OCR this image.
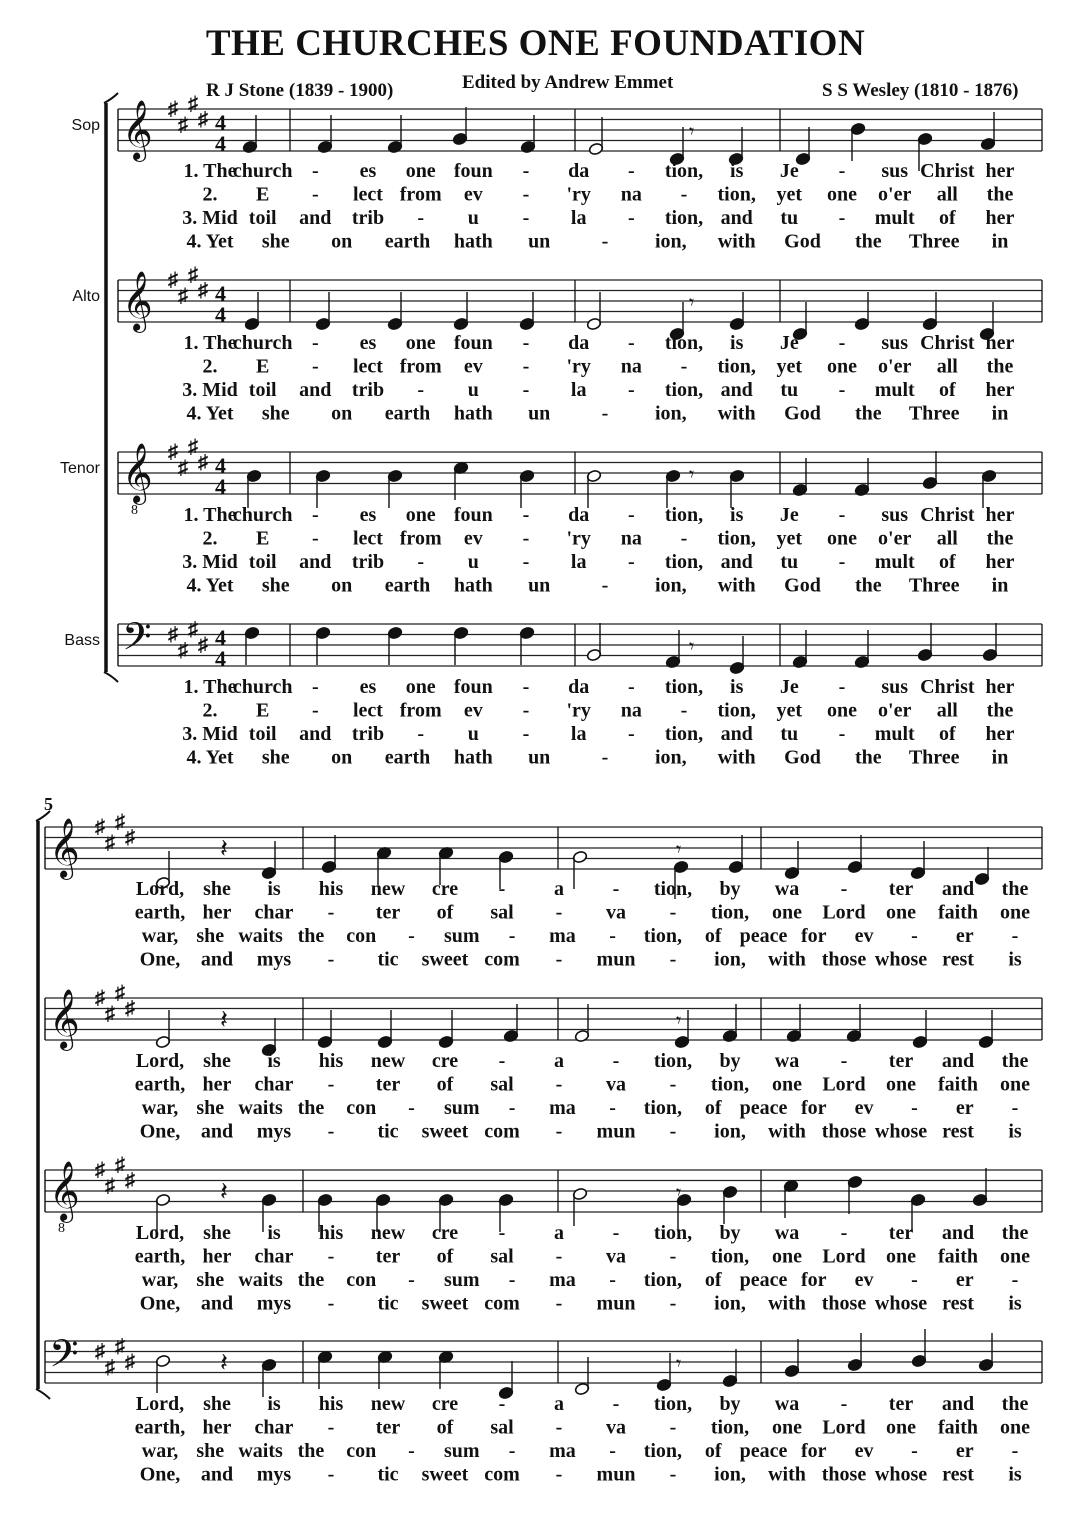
THE CHURCHES ONE FOUNDATION
R J Stone (1839 - 1900)	Edited by Andrew Emmet	S S Wesley (1810 - 1876)
Sop
Alto
Tenor
Bass
5
𝄞 ♯
♯
♯
♯
𝄞 ♯
♯
♯
♯
𝄞
8
♯
♯
♯
♯
𝄢 ♯
♯
♯
♯
𝄞 ♯
♯
♯
♯
𝄞 ♯
♯
♯
♯
𝄞
8
♯
♯
♯
♯
𝄢 ♯
♯
♯
♯
4
4
4
4
4
4
4
4
𝄾
𝄾
𝄾
𝄾
𝄾
𝄾
𝄾
𝄾
𝄽
𝄽
𝄽
𝄽
1. The
church - es one foun - da - tion, is Je - sus Christ her
2. E - lect from ev - 'ry na - tion, yet one o'er all the
3. Mid toil and trib - u - la - tion, and tu - mult of her
4. Yet she on earth hath un	- ion, with God the Three in
1. The
church - es one foun - da - tion, is Je - sus Christ her
2. E - lect from ev - 'ry na - tion, yet one o'er all the
3. Mid toil and trib - u - la - tion, and tu - mult of her
4. Yet she on earth hath un	- ion, with God the Three in
1. The
church - es one foun - da - tion, is Je - sus Christ her
2. E - lect from ev - 'ry na - tion, yet one o'er all the
3. Mid toil and trib - u - la - tion, and tu - mult of her
4. Yet she on earth hath un	- ion, with God the Three in
1. The
church - es one foun - da - tion, is Je - sus Christ her
2. E - lect from ev - 'ry na - tion, yet one o'er all the
3. Mid toil and trib - u - la - tion, and tu - mult of her
4. Yet she on earth hath un	- ion, with God the Three in
Lord, she is his new cre - a - tion, by wa - ter and the
earth, her char - ter of sal - va - tion, one Lord one faith one
war, she waits the con - sum - ma - tion, of peace for ev - er -
One, and mys - tic sweet com - mun - ion, with those whose rest is
Lord, she is his new cre - a - tion, by wa - ter and the
earth, her char - ter of sal - va - tion, one Lord one faith one
war, she waits the con - sum - ma - tion, of peace for ev - er -
One, and mys - tic sweet com - mun - ion, with those whose rest is
Lord, she is his new cre - a - tion, by wa - ter and the
earth, her char - ter of sal - va - tion, one Lord one faith one
war, she waits the con - sum - ma - tion, of peace for ev - er -
One, and mys - tic sweet com - mun - ion, with those whose rest is
Lord, she is his new cre - a - tion, by wa - ter and the
earth, her char - ter of sal - va - tion, one Lord one faith one
war, she waits the con - sum - ma - tion, of peace for ev - er -
One, and mys - tic sweet com - mun - ion, with those whose rest is
